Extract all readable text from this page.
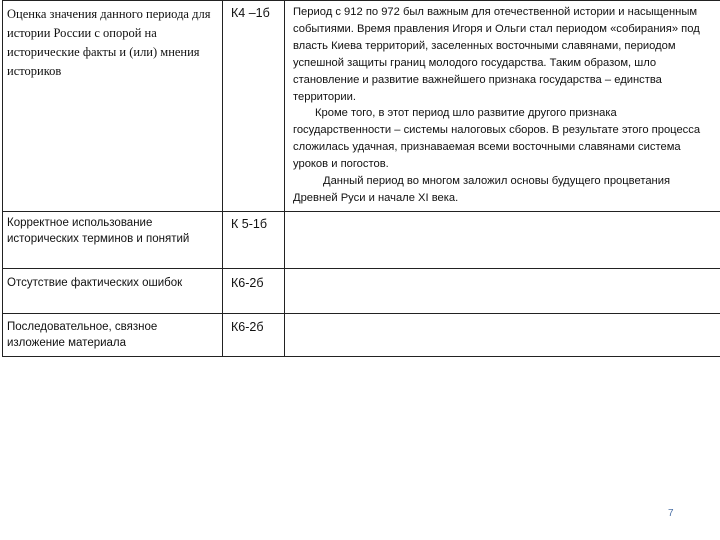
Оценка значения данного периода для истории России с опорой на исторические факты и (или) мнения историков	К4 –1б	Период с 912 по 972 был важным для отечественной истории и насыщенным событиями. Время правления Игоря и Ольги стал периодом «собирания» под власть Киева территорий, заселенных восточными славянами, периодом успешной защиты границ молодого государства. Таким образом, шло становление и развитие важнейшего признака государства – единства территории.

Кроме того, в этот период шло развитие другого признака государственности – системы налоговых сборов. В результате этого процесса сложилась удачная, признаваемая всеми восточными славянами система уроков и погостов.

Данный период во многом заложил основы будущего процветания Древней Руси и начале XI века.

Корректное использование исторических терминов и понятий	К 5-1б	

Отсутствие фактических ошибок	К6-2б	

Последовательное, связное изложение материала	К6-2б	

7
